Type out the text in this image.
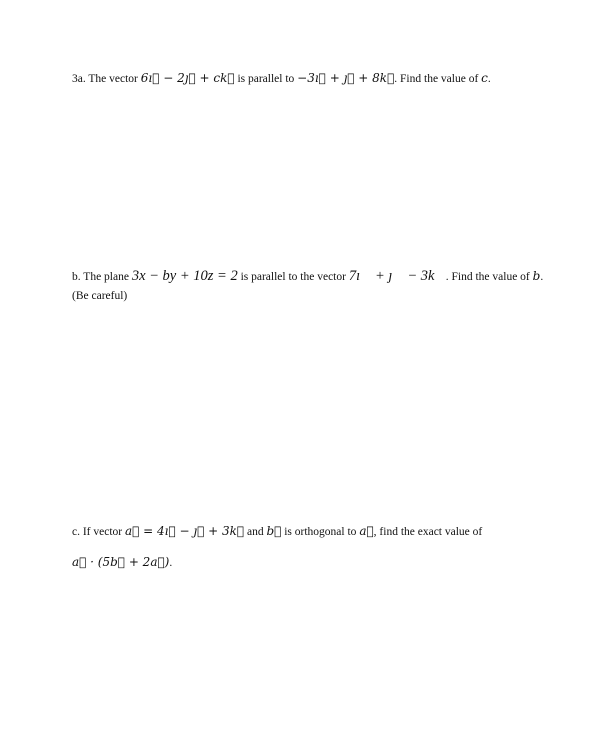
3a. The vector 6ı⃗ − 2ȷ⃗ + ck⃗ is parallel to −3ı⃗ + ȷ⃗ + 8k⃗. Find the value of c.
b. The plane 3x − by + 10z = 2 is parallel to the vector 7ı⃗ + ȷ⃗ − 3k⃗. Find the value of b.
(Be careful)
c. If vector a⃗ = 4ı⃗ − ȷ⃗ + 3k⃗ and b⃗ is orthogonal to a⃗, find the exact value of
a⃗ · (5b⃗ + 2a⃗).
